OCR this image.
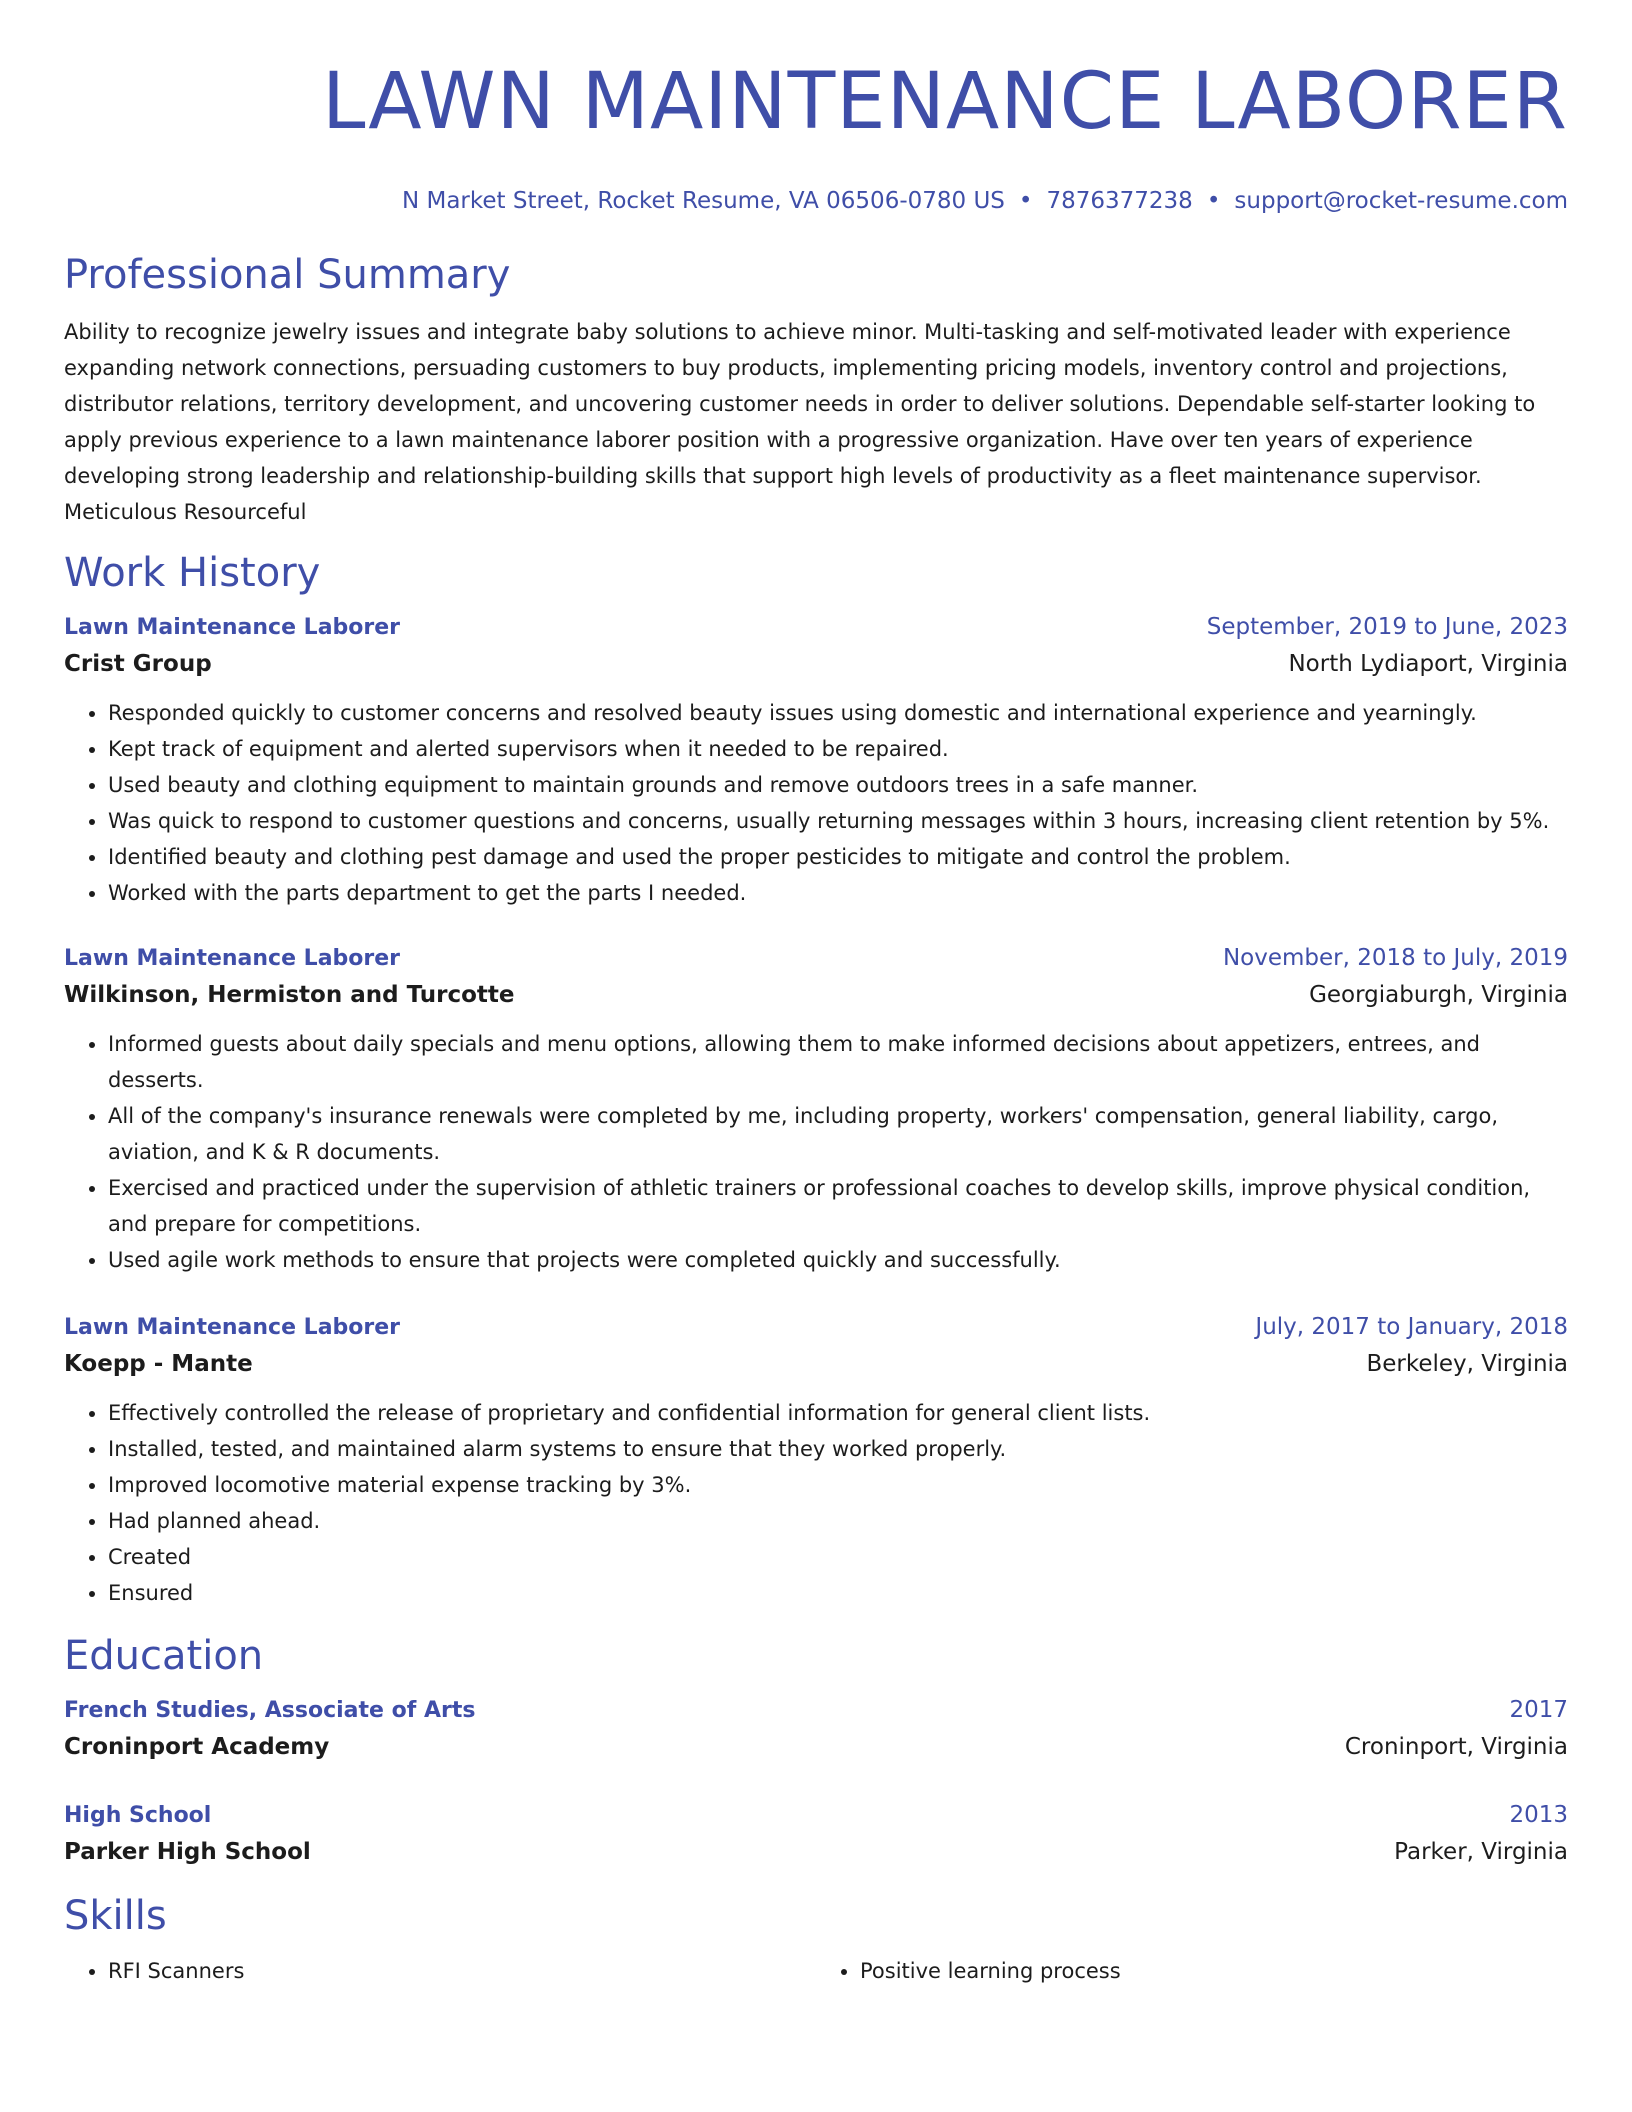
LAWN MAINTENANCE LABORER
N Market Street, Rocket Resume, VA 06506-0780 US • 7876377238 • support@rocket-resume.com
Professional Summary

Ability to recognize jewelry issues and integrate baby solutions to achieve minor. Multi-tasking and self-motivated leader with experience expanding network connections, persuading customers to buy products, implementing pricing models, inventory control and projections, distributor relations, territory development, and uncovering customer needs in order to deliver solutions. Dependable self-starter looking to apply previous experience to a lawn maintenance laborer position with a progressive organization. Have over ten years of experience developing strong leadership and relationship-building skills that support high levels of productivity as a fleet maintenance supervisor. Meticulous Resourceful

Work History
Lawn Maintenance Laborer	September, 2019 to June, 2023
Crist Group	North Lydiaport, Virginia
• Responded quickly to customer concerns and resolved beauty issues using domestic and international experience and yearningly.
• Kept track of equipment and alerted supervisors when it needed to be repaired.
• Used beauty and clothing equipment to maintain grounds and remove outdoors trees in a safe manner.
• Was quick to respond to customer questions and concerns, usually returning messages within 3 hours, increasing client retention by 5%.
• Identified beauty and clothing pest damage and used the proper pesticides to mitigate and control the problem.
• Worked with the parts department to get the parts I needed.
Lawn Maintenance Laborer	November, 2018 to July, 2019
Wilkinson, Hermiston and Turcotte	Georgiaburgh, Virginia
• Informed guests about daily specials and menu options, allowing them to make informed decisions about appetizers, entrees, and desserts.
• All of the company's insurance renewals were completed by me, including property, workers' compensation, general liability, cargo, aviation, and K & R documents.
• Exercised and practiced under the supervision of athletic trainers or professional coaches to develop skills, improve physical condition, and prepare for competitions.
• Used agile work methods to ensure that projects were completed quickly and successfully.
Lawn Maintenance Laborer	July, 2017 to January, 2018
Koepp - Mante	Berkeley, Virginia
• Effectively controlled the release of proprietary and confidential information for general client lists.
• Installed, tested, and maintained alarm systems to ensure that they worked properly.
• Improved locomotive material expense tracking by 3%.
• Had planned ahead.
• Created
• Ensured
Education
French Studies, Associate of Arts	2017
Croninport Academy	Croninport, Virginia
High School	2013
Parker High School	Parker, Virginia
Skills
• RFI Scanners
•	Positive learning process
